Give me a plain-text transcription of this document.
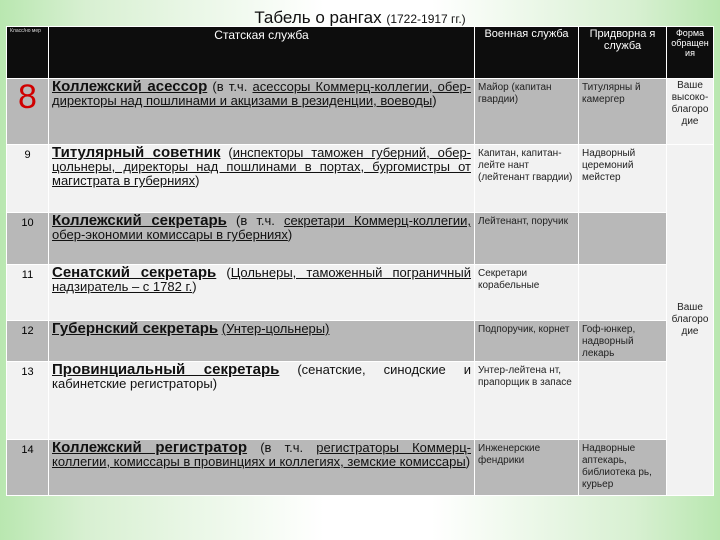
Табель о рангах (1722-1917 гг.)
Класс/но мер	Статская служба	Военная служба	Придворна я служба	Форма обращен ия	
8	Коллежский асессор (в т.ч. асессоры Коммерц-коллегии, обер-директоры над пошлинами и акцизами в резиденции, воеводы)	Майор (капитан гвардии)	Титулярны й камергер	Ваше высоко-благоро дие	
9	Титулярный советник (инспекторы таможен губерний, обер-цольнеры, директоры над пошлинами в портах, бургомистры от магистрата в губерниях)	Капитан, капитан-лейте нант (лейтенант гвардии)	Надворный церемоний мейстер	Ваше благоро дие	
10	Коллежский секретарь (в т.ч. секретари Коммерц-коллегии, обер-экономии комиссары в губерниях)	Лейтенант, поручик			
11	Сенатский секретарь (Цольнеры, таможенный пограничный надзиратель – с 1782 г.)	Секретари корабельные			
12	Губернский секретарь (Унтер-цольнеры)	Подпоручик, корнет	Гоф-юнкер, надворный лекарь		
13	Провинциальный секретарь (сенатские, синодские и кабинетские регистраторы)	Унтер-лейтена нт, прапорщик в запасе			
14	Коллежский регистратор (в т.ч. регистраторы Коммерц-коллегии, комиссары в провинциях и коллегиях, земские комиссары)	Инженерские фендрики	Надворные аптекарь, библиотека рь, курьер		
